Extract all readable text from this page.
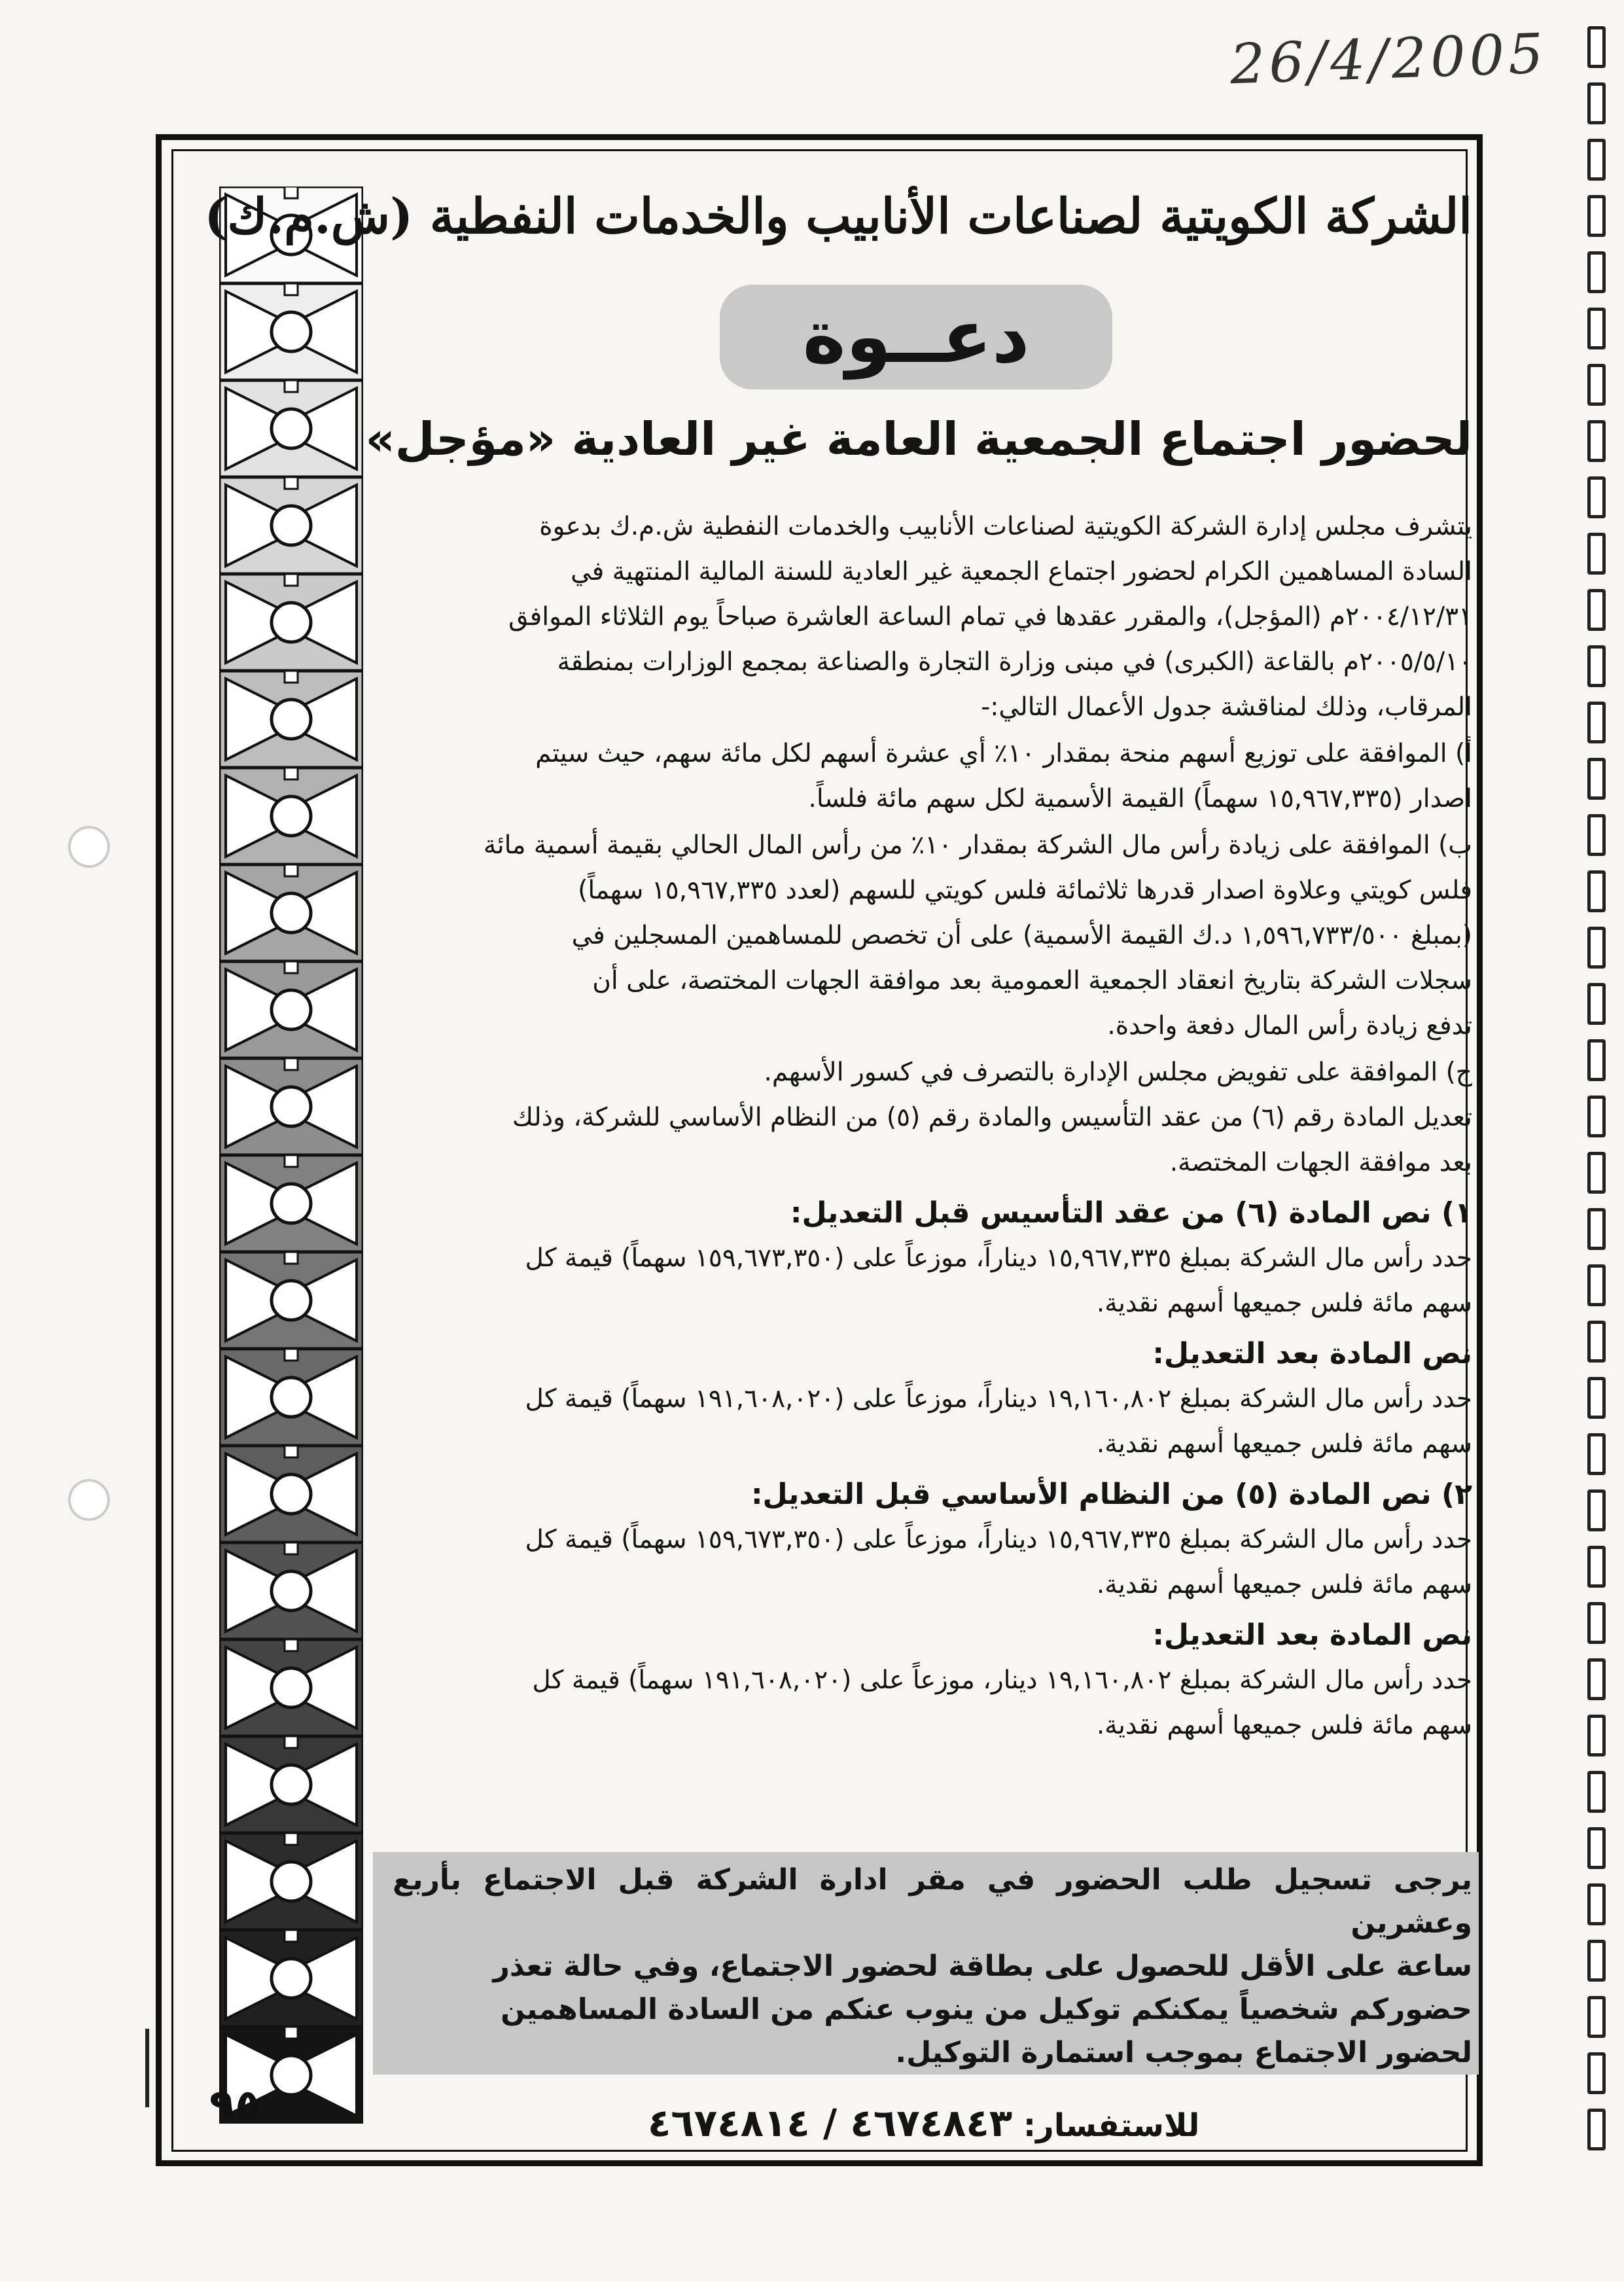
26/4/2005
الشركة الكويتية لصناعات الأنابيب والخدمات النفطية (ش.م.ك)
دعــوة
لحضور اجتماع الجمعية العامة غير العادية «مؤجل»

يتشرف مجلس إدارة الشركة الكويتية لصناعات الأنابيب والخدمات النفطية ش.م.ك بدعوة

السادة المساهمين الكرام لحضور اجتماع الجمعية غير العادية للسنة المالية المنتهية في

٢٠٠٤/١٢/٣١م (المؤجل)، والمقرر عقدها في تمام الساعة العاشرة صباحاً يوم الثلاثاء الموافق

٢٠٠٥/٥/١٠م بالقاعة (الكبرى) في مبنى وزارة التجارة والصناعة بمجمع الوزارات بمنطقة

المرقاب، وذلك لمناقشة جدول الأعمال التالي:-

أ) الموافقة على توزيع أسهم منحة بمقدار ١٠٪ أي عشرة أسهم لكل مائة سهم، حيث سيتم

اصدار (١٥,٩٦٧,٣٣٥ سهماً) القيمة الأسمية لكل سهم مائة فلساً.

ب) الموافقة على زيادة رأس مال الشركة بمقدار ١٠٪ من رأس المال الحالي بقيمة أسمية مائة

فلس كويتي وعلاوة اصدار قدرها ثلاثمائة فلس كويتي للسهم (لعدد ١٥,٩٦٧,٣٣٥ سهماً)

(بمبلغ ١,٥٩٦,٧٣٣/٥٠٠ د.ك القيمة الأسمية) على أن تخصص للمساهمين المسجلين في

سجلات الشركة بتاريخ انعقاد الجمعية العمومية بعد موافقة الجهات المختصة، على أن

تدفع زيادة رأس المال دفعة واحدة.

ج) الموافقة على تفويض مجلس الإدارة بالتصرف في كسور الأسهم.

تعديل المادة رقم (٦) من عقد التأسيس والمادة رقم (٥) من النظام الأساسي للشركة، وذلك

بعد موافقة الجهات المختصة.

١) نص المادة (٦) من عقد التأسيس قبل التعديل:

حدد رأس مال الشركة بمبلغ ١٥,٩٦٧,٣٣٥ ديناراً، موزعاً على (١٥٩,٦٧٣,٣٥٠ سهماً) قيمة كل

سهم مائة فلس جميعها أسهم نقدية.

نص المادة بعد التعديل:

حدد رأس مال الشركة بمبلغ ١٩,١٦٠,٨٠٢ ديناراً، موزعاً على (١٩١,٦٠٨,٠٢٠ سهماً) قيمة كل

سهم مائة فلس جميعها أسهم نقدية.

٢) نص المادة (٥) من النظام الأساسي قبل التعديل:

حدد رأس مال الشركة بمبلغ ١٥,٩٦٧,٣٣٥ ديناراً، موزعاً على (١٥٩,٦٧٣,٣٥٠ سهماً) قيمة كل

سهم مائة فلس جميعها أسهم نقدية.

نص المادة بعد التعديل:

حدد رأس مال الشركة بمبلغ ١٩,١٦٠,٨٠٢ دينار، موزعاً على (١٩١,٦٠٨,٠٢٠ سهماً) قيمة كل

سهم مائة فلس جميعها أسهم نقدية.

يرجى تسجيل طلب الحضور في مقر ادارة الشركة قبل الاجتماع بأربع وعشرين

ساعة على الأقل للحصول على بطاقة لحضور الاجتماع، وفي حالة تعذر

حضوركم شخصياً يمكنكم توكيل من ينوب عنكم من السادة المساهمين

لحضور الاجتماع بموجب استمارة التوكيل.

للاستفسار: ٤٦٧٤٨٤٣ / ٤٦٧٤٨١٤
٩٥
